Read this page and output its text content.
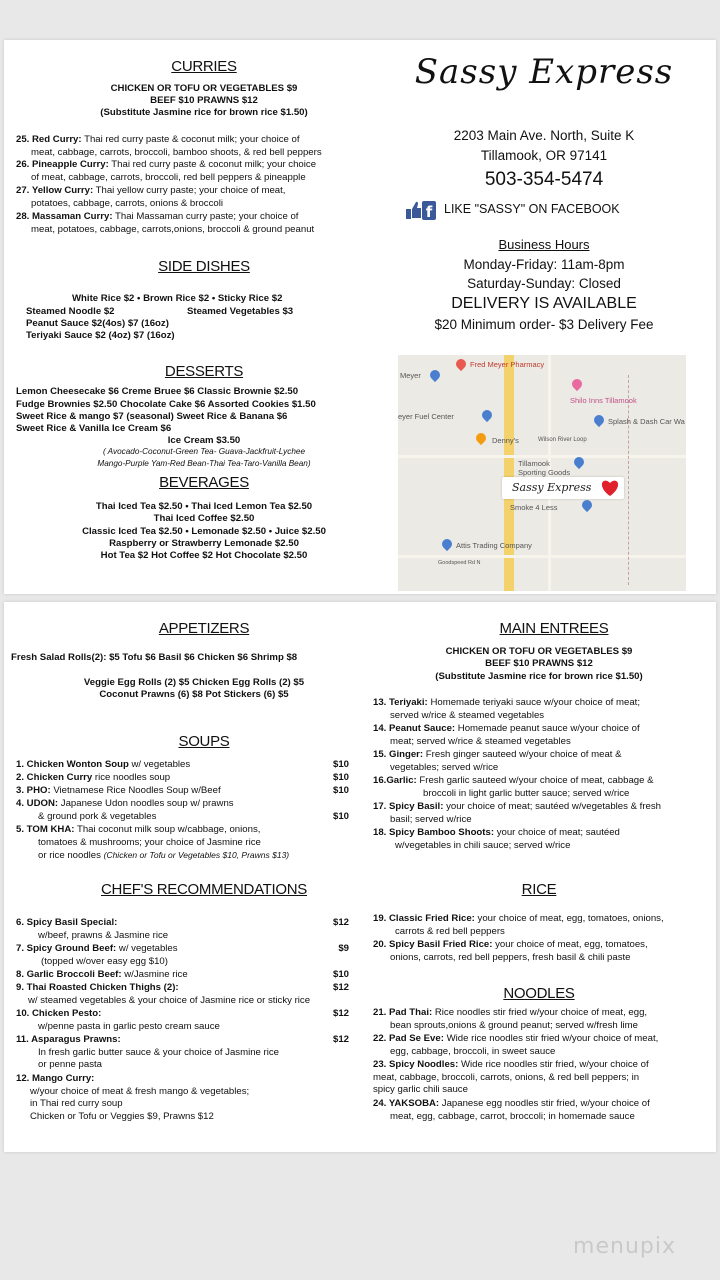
CURRIES
CHICKEN OR TOFU OR VEGETABLES $9
BEEF $10 PRAWNS $12
(Substitute Jasmine rice for brown rice $1.50)
25. Red Curry: Thai red curry paste & coconut milk; your choice of
meat, cabbage, carrots, broccoli, bamboo shoots, & red bell peppers
26. Pineapple Curry: Thai red curry paste & coconut milk; your choice
of meat, cabbage, carrots, broccoli, red bell peppers & pineapple
27. Yellow Curry: Thai yellow curry paste; your choice of meat,
potatoes, cabbage, carrots, onions & broccoli
28. Massaman Curry: Thai Massaman curry paste; your choice of
meat, potatoes, cabbage, carrots,onions, broccoli & ground peanut
SIDE DISHES
White Rice $2 • Brown Rice $2 • Sticky Rice $2
Steamed Noodle $2	Steamed Vegetables $3
Peanut Sauce $2(4os) $7 (16oz)
Teriyaki Sauce $2 (4oz) $7 (16oz)
DESSERTS
Lemon Cheesecake $6 Creme Bruee $6 Classic Brownie $2.50
Fudge Brownies $2.50 Chocolate Cake $6 Assorted Cookies $1.50
Sweet Rice & mango $7 (seasonal) Sweet Rice & Banana $6
Sweet Rice & Vanilla Ice Cream $6
Ice Cream $3.50
( Avocado-Coconut-Green Tea- Guava-Jackfruit-Lychee
Mango-Purple Yam-Red Bean-Thai Tea-Taro-Vanilla Bean)
BEVERAGES
Thai Iced Tea $2.50 • Thai Iced Lemon Tea $2.50
Thai Iced Coffee $2.50
Classic Iced Tea $2.50 • Lemonade $2.50 • Juice $2.50
Raspberry or Strawberry Lemonade $2.50
Hot Tea $2 Hot Coffee $2 Hot Chocolate $2.50
Sassy Express
2203 Main Ave. North, Suite K
Tillamook, OR 97141
503-354-5474
f LIKE "SASSY" ON FACEBOOK
Business Hours
Monday-Friday: 11am-8pm
Saturday-Sunday: Closed
DELIVERY IS AVAILABLE
$20 Minimum order- $3 Delivery Fee
Fred Meyer Pharmacy
Meyer
Shilo Inns Tillamook
eyer Fuel Center
Splash & Dash Car Wa
Denny's	Wilson River Loop
Tillamook
Sporting Goods
Sassy Express
Smoke 4 Less
Attis Trading Company
Goodspeed Rd N
APPETIZERS
Fresh Salad Rolls(2): $5 Tofu $6 Basil $6 Chicken $6 Shrimp $8
Veggie Egg Rolls (2) $5 Chicken Egg Rolls (2) $5
Coconut Prawns (6) $8 Pot Stickers (6) $5
SOUPS
1. Chicken Wonton Soup w/ vegetables	$10
2. Chicken Curry rice noodles soup	$10
3. PHO: Vietnamese Rice Noodles Soup w/Beef	$10
4. UDON: Japanese Udon noodles soup w/ prawns
& ground pork & vegetables	$10
5. TOM KHA: Thai coconut milk soup w/cabbage, onions,
tomatoes & mushrooms; your choice of Jasmine rice
or rice noodles (Chicken or Tofu or Vegetables $10, Prawns $13)
CHEF'S RECOMMENDATIONS
6. Spicy Basil Special:
w/beef, prawns & Jasmine rice
$12
7. Spicy Ground Beef: w/ vegetables
(topped w/over easy egg $10)
$9
8. Garlic Broccoli Beef: w/Jasmine rice	$10
9. Thai Roasted Chicken Thighs (2):
w/ steamed vegetables & your choice of Jasmine rice or sticky rice
$12
10. Chicken Pesto:
w/penne pasta in garlic pesto cream sauce
$12
11. Asparagus Prawns:
In fresh garlic butter sauce & your choice of Jasmine rice
or penne pasta
$12
12. Mango Curry:
w/your choice of meat & fresh mango & vegetables;
in Thai red curry soup
Chicken or Tofu or Veggies $9, Prawns $12
MAIN ENTREES
CHICKEN OR TOFU OR VEGETABLES $9
BEEF $10 PRAWNS $12
(Substitute Jasmine rice for brown rice $1.50)
13. Teriyaki: Homemade teriyaki sauce w/your choice of meat;
served w/rice & steamed vegetables
14. Peanut Sauce: Homemade peanut sauce w/your choice of
meat; served w/rice & steamed vegetables
15. Ginger: Fresh ginger sauteed w/your choice of meat &
vegetables; served w/rice
16.Garlic: Fresh garlic sauteed w/your choice of meat, cabbage &
broccoli in light garlic butter sauce; served w/rice
17. Spicy Basil: your choice of meat; sautéed w/vegetables & fresh
basil; served w/rice
18. Spicy Bamboo Shoots: your choice of meat; sautéed
w/vegetables in chili sauce; served w/rice
RICE
19. Classic Fried Rice: your choice of meat, egg, tomatoes, onions,
carrots & red bell peppers
20. Spicy Basil Fried Rice: your choice of meat, egg, tomatoes,
onions, carrots, red bell peppers, fresh basil & chili paste
NOODLES
21. Pad Thai: Rice noodles stir fried w/your choice of meat, egg,
bean sprouts,onions & ground peanut; served w/fresh lime
22. Pad Se Eve: Wide rice noodles stir fried w/your choice of meat,
egg, cabbage, broccoli, in sweet sauce
23. Spicy Noodles: Wide rice noodles stir fried, w/your choice of
meat, cabbage, broccoli, carrots, onions, & red bell peppers; in
spicy garlic chili sauce
24. YAKSOBA: Japanese egg noodles stir fried, w/your choice of
meat, egg, cabbage, carrot, broccoli; in homemade sauce
menupix
